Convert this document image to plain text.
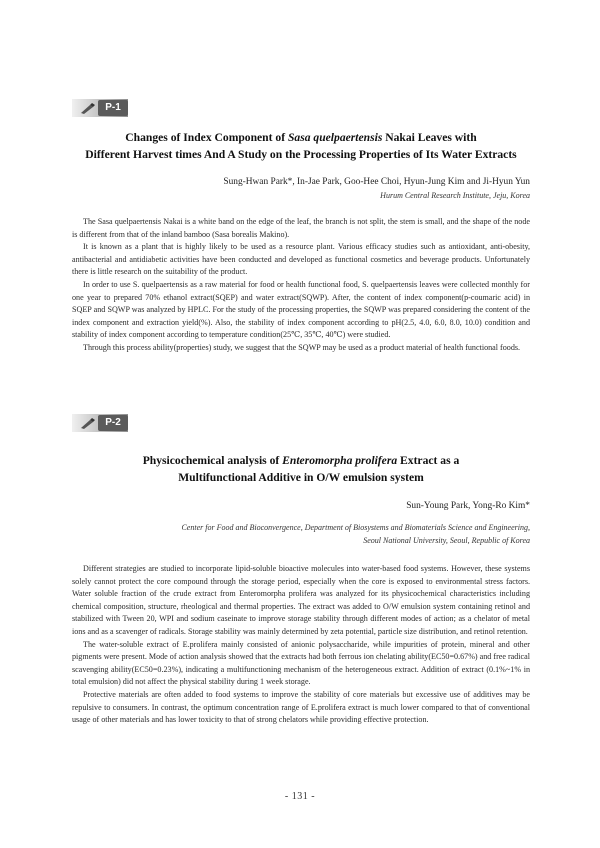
P-1
Changes of Index Component of Sasa quelpaertensis Nakai Leaves with
Different Harvest times And A Study on the Processing Properties of Its Water Extracts
Sung-Hwan Park*, In-Jae Park, Goo-Hee Choi, Hyun-Jung Kim and Ji-Hyun Yun
Hurum Central Research Institute, Jeju, Korea

The Sasa quelpaertensis Nakai is a white band on the edge of the leaf, the branch is not split, the stem is small, and the shape of the node is different from that of the inland bamboo (Sasa borealis Makino).

It is known as a plant that is highly likely to be used as a resource plant. Various efficacy studies such as antioxidant, anti-obesity, antibacterial and antidiabetic activities have been conducted and developed as functional cosmetics and beverage products. Unfortunately there is little research on the suitability of the product.

In order to use S. quelpaertensis as a raw material for food or health functional food, S. quelpaertensis leaves were collected monthly for one year to prepared 70% ethanol extract(SQEP) and water extract(SQWP). After, the content of index component(p-coumaric acid) in SQEP and SQWP was analyzed by HPLC. For the study of the processing properties, the SQWP was prepared considering the content of the index component and extraction yield(%). Also, the stability of index component according to pH(2.5, 4.0, 6.0, 8.0, 10.0) condition and stability of index component according to temperature condition(25℃, 35℃, 40℃) were studied.

Through this process ability(properties) study, we suggest that the SQWP may be used as a product material of health functional foods.

P-2
Physicochemical analysis of Enteromorpha prolifera Extract as a
Multifunctional Additive in O/W emulsion system
Sun-Young Park, Yong-Ro Kim*
Center for Food and Bioconvergence, Department of Biosystems and Biomaterials Science and Engineering,
Seoul National University, Seoul, Republic of Korea

Different strategies are studied to incorporate lipid-soluble bioactive molecules into water-based food systems. However, these systems solely cannot protect the core compound through the storage period, especially when the core is exposed to environmental stress factors. Water soluble fraction of the crude extract from Enteromorpha prolifera was analyzed for its physicochemical characteristics including chemical composition, structure, rheological and thermal properties. The extract was added to O/W emulsion system containing retinol and stabilized with Tween 20, WPI and sodium caseinate to improve storage stability through different modes of action; as a chelator of metal ions and as a scavenger of radicals. Storage stability was mainly determined by zeta potential, particle size distribution, and retinol retention.

The water-soluble extract of E.prolifera mainly consisted of anionic polysaccharide, while impurities of protein, mineral and other pigments were present. Mode of action analysis showed that the extracts had both ferrous ion chelating ability(EC50=0.67%) and free radical scavenging ability(EC50=0.23%), indicating a multifunctioning mechanism of the heterogeneous extract. Addition of extract (0.1%~1% in total emulsion) did not affect the physical stability during 1 week storage.

Protective materials are often added to food systems to improve the stability of core materials but excessive use of additives may be repulsive to consumers. In contrast, the optimum concentration range of E.prolifera extract is much lower compared to that of conventional usage of other materials and has lower toxicity to that of strong chelators while providing effective protection.

- 131 -
